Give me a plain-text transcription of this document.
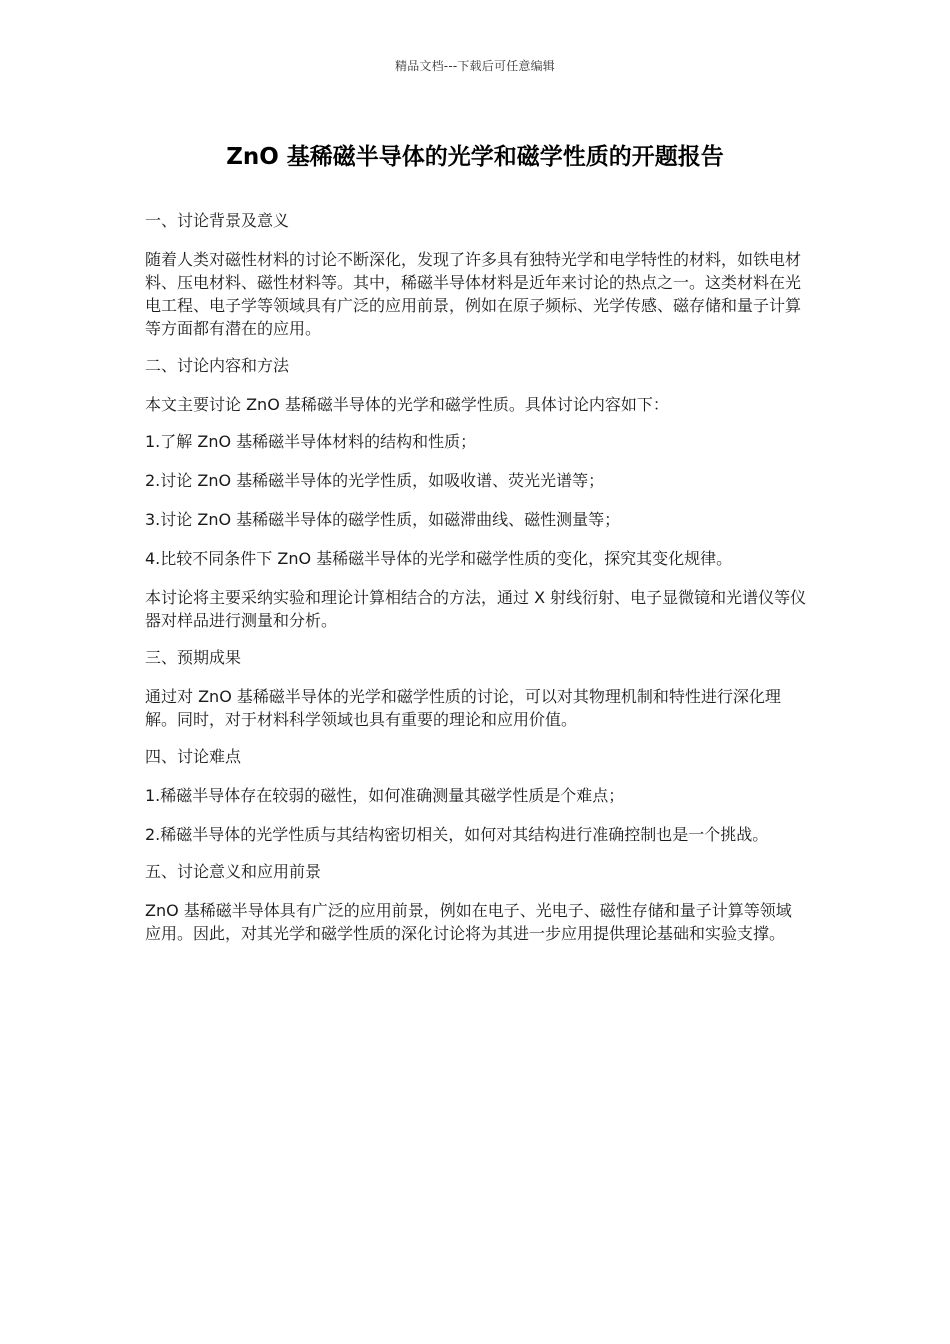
精品文档---下载后可任意编辑
ZnO 基稀磁半导体的光学和磁学性质的开题报告

一、讨论背景及意义

随着人类对磁性材料的讨论不断深化，发现了许多具有独特光学和电学特性的材料，如铁电材料、压电材料、磁性材料等。其中，稀磁半导体材料是近年来讨论的热点之一。这类材料在光电工程、电子学等领域具有广泛的应用前景，例如在原子频标、光学传感、磁存储和量子计算等方面都有潜在的应用。

二、讨论内容和方法

本文主要讨论 ZnO 基稀磁半导体的光学和磁学性质。具体讨论内容如下：

1.了解 ZnO 基稀磁半导体材料的结构和性质；

2.讨论 ZnO 基稀磁半导体的光学性质，如吸收谱、荧光光谱等；

3.讨论 ZnO 基稀磁半导体的磁学性质，如磁滞曲线、磁性测量等；

4.比较不同条件下 ZnO 基稀磁半导体的光学和磁学性质的变化，探究其变化规律。

本讨论将主要采纳实验和理论计算相结合的方法，通过 X 射线衍射、电子显微镜和光谱仪等仪器对样品进行测量和分析。

三、预期成果

通过对 ZnO 基稀磁半导体的光学和磁学性质的讨论，可以对其物理机制和特性进行深化理解。同时，对于材料科学领域也具有重要的理论和应用价值。

四、讨论难点

1.稀磁半导体存在较弱的磁性，如何准确测量其磁学性质是个难点；

2.稀磁半导体的光学性质与其结构密切相关，如何对其结构进行准确控制也是一个挑战。

五、讨论意义和应用前景

ZnO 基稀磁半导体具有广泛的应用前景，例如在电子、光电子、磁性存储和量子计算等领域应用。因此，对其光学和磁学性质的深化讨论将为其进一步应用提供理论基础和实验支撑。
